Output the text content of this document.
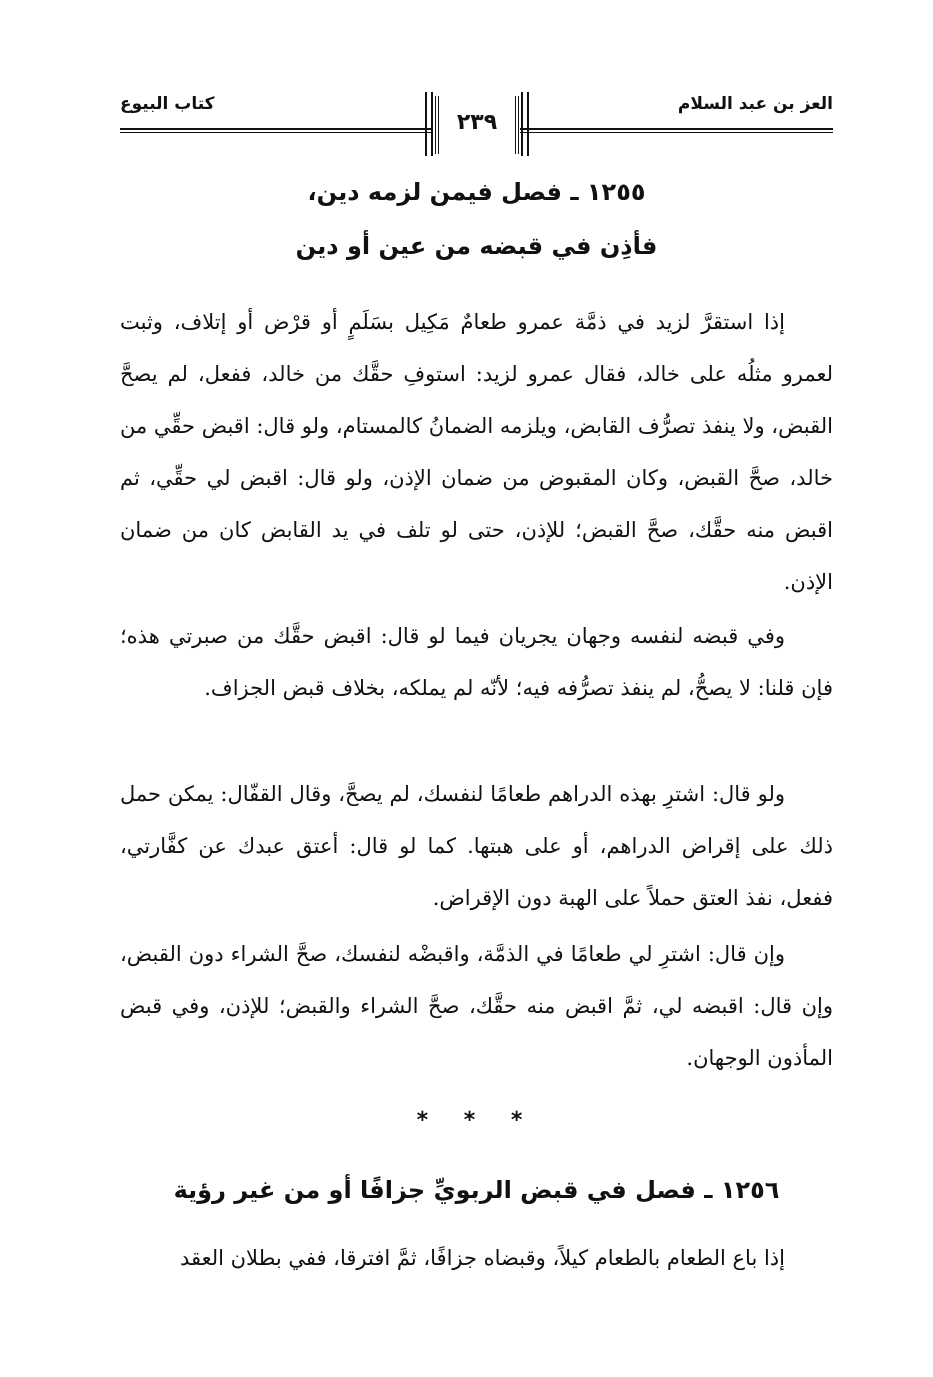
كتاب البيوع
٢٣٩
العز بن عبد السلام
١٢٥٥ ـ فصل فيمن لزمه دين،
فأذِن في قبضه من عين أو دين

إذا استقرَّ لزيد في ذمَّة عمرو طعامٌ مَكِيل بسَلَمٍ أو قرْض أو إتلاف، وثبت لعمرو مثلُه على خالد، فقال عمرو لزيد: استوفِ حقَّك من خالد، ففعل، لم يصحَّ القبض، ولا ينفذ تصرُّف القابض، ويلزمه الضمانُ كالمستام، ولو قال: اقبض حقِّي من خالد، صحَّ القبض، وكان المقبوض من ضمان الإذن، ولو قال: اقبض لي حقِّي، ثم اقبض منه حقَّك، صحَّ القبض؛ للإذن، حتى لو تلف في يد القابض كان من ضمان الإذن.

وفي قبضه لنفسه وجهان يجريان فيما لو قال: اقبض حقَّك من صبرتي هذه؛ فإن قلنا: لا يصحُّ، لم ينفذ تصرُّفه فيه؛ لأنّه لم يملكه، بخلاف قبض الجزاف.

ولو قال: اشترِ بهذه الدراهم طعامًا لنفسك، لم يصحَّ، وقال القفّال: يمكن حمل ذلك على إقراض الدراهم، أو على هبتها. كما لو قال: أعتق عبدك عن كفَّارتي، ففعل، نفذ العتق حملاً على الهبة دون الإقراض.

وإن قال: اشترِ لي طعامًا في الذمَّة، واقبضْه لنفسك، صحَّ الشراء دون القبض، وإن قال: اقبضه لي، ثمَّ اقبض منه حقَّك، صحَّ الشراء والقبض؛ للإذن، وفي قبض المأذون الوجهان.

* * *
١٢٥٦ ـ فصل في قبض الربويِّ جزافًا أو من غير رؤية

إذا باع الطعام بالطعام كيلاً، وقبضاه جزافًا، ثمَّ افترقا، ففي بطلان العقد
